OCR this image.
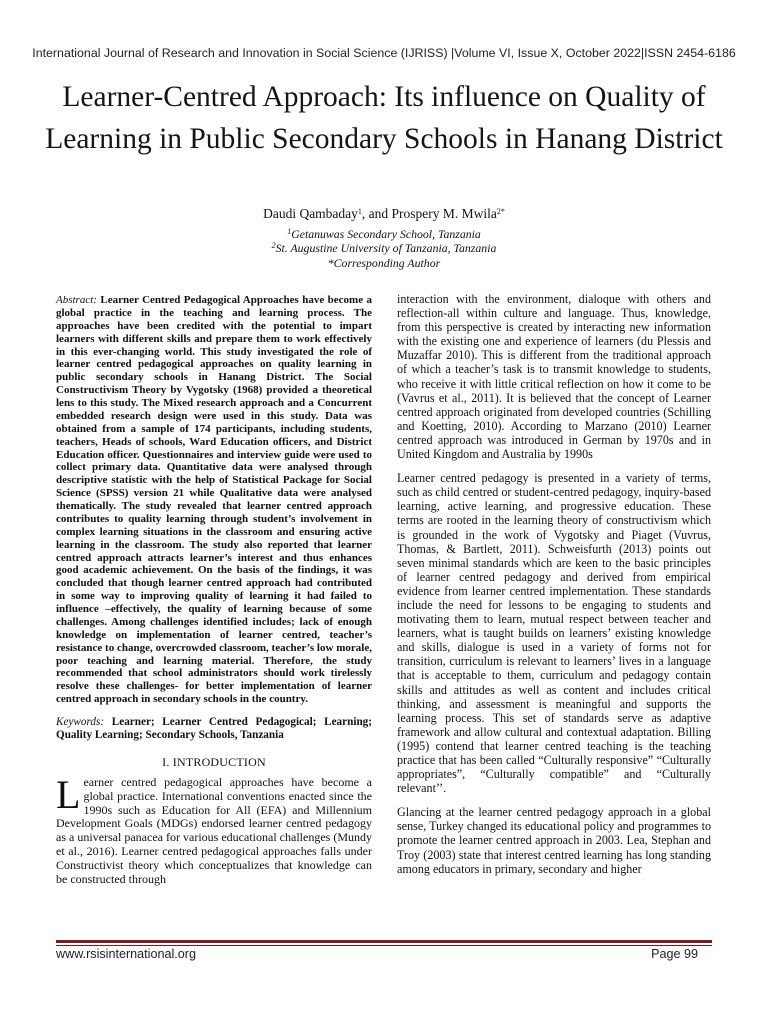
International Journal of Research and Innovation in Social Science (IJRISS) |Volume VI, Issue X, October 2022|ISSN 2454-6186
Learner-Centred Approach: Its influence on Quality of Learning in Public Secondary Schools in Hanang District
Daudi Qambaday$^1$, and Prospery M. Mwila$^{2*}$
$^1$Getanuwas Secondary School, Tanzania
$^2$St. Augustine University of Tanzania, Tanzania
*Corresponding Author

Abstract: Learner Centred Pedagogical Approaches have become a global practice in the teaching and learning process. The approaches have been credited with the potential to impart learners with different skills and prepare them to work effectively in this ever-changing world. This study investigated the role of learner centred pedagogical approaches on quality learning in public secondary schools in Hanang District. The Social Constructivism Theory by Vygotsky (1968) provided a theoretical lens to this study. The Mixed research approach and a Concurrent embedded research design were used in this study. Data was obtained from a sample of 174 participants, including students, teachers, Heads of schools, Ward Education officers, and District Education officer. Questionnaires and interview guide were used to collect primary data. Quantitative data were analysed through descriptive statistic with the help of Statistical Package for Social Science (SPSS) version 21 while Qualitative data were analysed thematically. The study revealed that learner centred approach contributes to quality learning through student’s involvement in complex learning situations in the classroom and ensuring active learning in the classroom. The study also reported that learner centred approach attracts learner’s interest and thus enhances good academic achievement. On the basis of the findings, it was concluded that though learner centred approach had contributed in some way to improving quality of learning it had failed to influence –effectively, the quality of learning because of some challenges. Among challenges identified includes; lack of enough knowledge on implementation of learner centred, teacher’s resistance to change, overcrowded classroom, teacher’s low morale, poor teaching and learning material. Therefore, the study recommended that school administrators should work tirelessly resolve these challenges- for better implementation of learner centred approach in secondary schools in the country.

Keywords: Learner; Learner Centred Pedagogical; Learning; Quality Learning; Secondary Schools, Tanzania

I. INTRODUCTION

Learner centred pedagogical approaches have become a global practice. International conventions enacted since the 1990s such as Education for All (EFA) and Millennium Development Goals (MDGs) endorsed learner centred pedagogy as a universal panacea for various educational challenges (Mundy et al., 2016). Learner centred pedagogical approaches falls under Constructivist theory which conceptualizes that knowledge can be constructed through

interaction with the environment, dialoque with others and reflection-all within culture and language. Thus, knowledge, from this perspective is created by interacting new information with the existing one and experience of learners (du Plessis and Muzaffar 2010). This is different from the traditional approach of which a teacher’s task is to transmit knowledge to students, who receive it with little critical reflection on how it come to be (Vavrus et al., 2011). It is believed that the concept of Learner centred approach originated from developed countries (Schilling and Koetting, 2010). According to Marzano (2010) Learner centred approach was introduced in German by 1970s and in United Kingdom and Australia by 1990s

Learner centred pedagogy is presented in a variety of terms, such as child centred or student-centred pedagogy, inquiry-based learning, active learning, and progressive education. These terms are rooted in the learning theory of constructivism which is grounded in the work of Vygotsky and Piaget (Vuvrus, Thomas, & Bartlett, 2011). Schweisfurth (2013) points out seven minimal standards which are keen to the basic principles of learner centred pedagogy and derived from empirical evidence from learner centred implementation. These standards include the need for lessons to be engaging to students and motivating them to learn, mutual respect between teacher and learners, what is taught builds on learners’ existing knowledge and skills, dialogue is used in a variety of forms not for transition, curriculum is relevant to learners’ lives in a language that is acceptable to them, curriculum and pedagogy contain skills and attitudes as well as content and includes critical thinking, and assessment is meaningful and supports the learning process. This set of standards serve as adaptive framework and allow cultural and contextual adaptation. Billing (1995) contend that learner centred teaching is the teaching practice that has been called “Culturally responsive” “Culturally appropriates”, “Culturally compatible” and “Culturally relevant’’.

Glancing at the learner centred pedagogy approach in a global sense, Turkey changed its educational policy and programmes to promote the learner centred approach in 2003. Lea, Stephan and Troy (2003) state that interest centred learning has long standing among educators in primary, secondary and higher

www.rsisinternational.org	Page 99
